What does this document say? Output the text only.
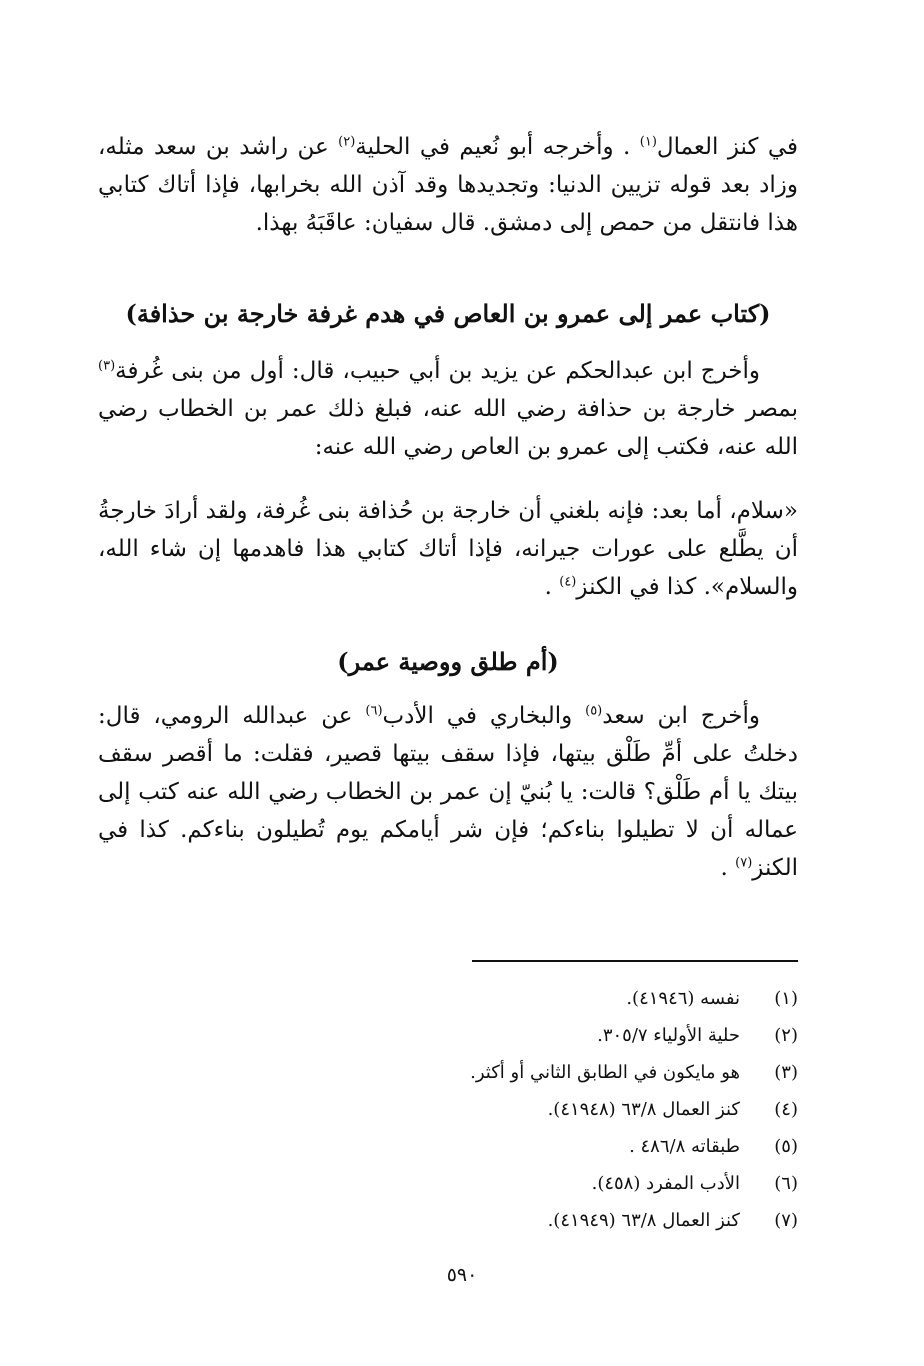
في كنز العمال$^{(١)}$ . وأخرجه أبو نُعيم في الحلية$^{(٢)}$ عن راشد بن سعد مثله، وزاد بعد قوله تزيين الدنيا: وتجديدها وقد آذن الله بخرابها، فإذا أتاك كتابي هذا فانتقل من حمص إلى دمشق. قال سفيان: عاقَبَهُ بهذا.

(كتاب عمر إلى عمرو بن العاص في هدم غرفة خارجة بن حذافة)

وأخرج ابن عبدالحكم عن يزيد بن أبي حبيب، قال: أول من بنى غُرفة$^{(٣)}$ بمصر خارجة بن حذافة رضي الله عنه، فبلغ ذلك عمر بن الخطاب رضي الله عنه، فكتب إلى عمرو بن العاص رضي الله عنه:

«سلام، أما بعد: فإنه بلغني أن خارجة بن حُذافة بنى غُرفة، ولقد أرادَ خارجةُ أن يطَّلع على عورات جيرانه، فإذا أتاك كتابي هذا فاهدمها إن شاء الله، والسلام». كذا في الكنز$^{(٤)}$ .

(أم طلق ووصية عمر)

وأخرج ابن سعد$^{(٥)}$ والبخاري في الأدب$^{(٦)}$ عن عبدالله الرومي، قال: دخلتُ على أمِّ طَلْق بيتها، فإذا سقف بيتها قصير، فقلت: ما أقصر سقف بيتك يا أم طَلْق؟ قالت: يا بُنيّ إن عمر بن الخطاب رضي الله عنه كتب إلى عماله أن لا تطيلوا بناءكم؛ فإن شر أيامكم يوم تُطيلون بناءكم. كذا في الكنز$^{(٧)}$ .

(١)نفسه (٤١٩٤٦).
(٢)حلية الأولياء ٣٠٥/٧.
(٣)هو مايكون في الطابق الثاني أو أكثر.
(٤)كنز العمال ٦٣/٨ (٤١٩٤٨).
(٥)طبقاته ٤٨٦/٨ .
(٦)الأدب المفرد (٤٥٨).
(٧)كنز العمال ٦٣/٨ (٤١٩٤٩).
٥٩٠
